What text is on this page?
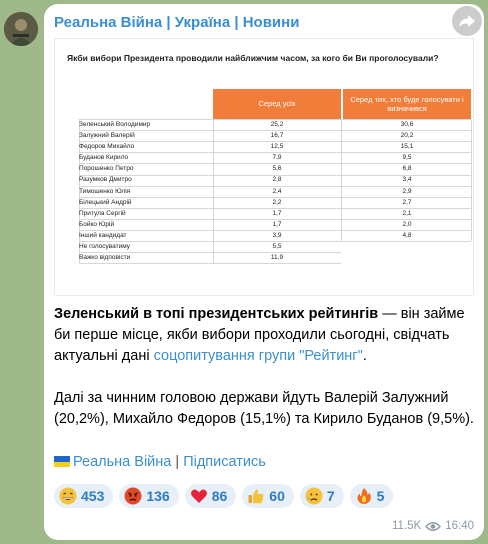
Реальна Війна | Україна | Новини
Якби вибори Президента проводили найближчим часом, за кого би Ви проголосували?
Серед усіх
Серед тих, хто буде голосувати і визначився
Зеленський Володимир	25,2	30,6
Залужний Валерій	16,7	20,2
Федоров Михайло	12,5	15,1
Буданов Кирило	7,9	9,5
Порошенко Петро	5,6	6,8
Разумков Дмитро	2,8	3,4
Тимошенко Юлія	2,4	2,9
Білецький Андрій	2,2	2,7
Притула Сергій	1,7	2,1
Бойко Юрій	1,7	2,0
Інший кандидат	3,9	4,8
Не голосуватиму	5,5
Важко відповісти	11,9

Зеленський в топі президентських рейтингів — він займе би перше місце, якби вибори проходили сьогодні, свідчать актуальні дані соцопитування групи "Рейтинг".

Далі за чинним головою держави йдуть Валерій Залужний (20,2%), Михайло Федоров (15,1%) та Кирило Буданов (9,5%).

Реальна Війна | Підписатись
453	136	86	60	7	5
11.5K 16:40
